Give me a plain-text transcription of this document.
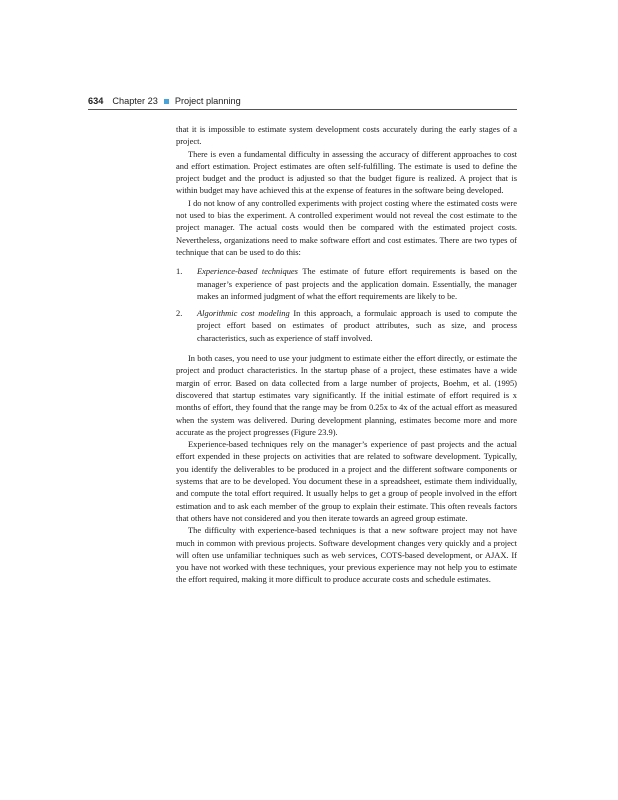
634 Chapter 23 Project planning

that it is impossible to estimate system development costs accurately during the early stages of a project.

There is even a fundamental difficulty in assessing the accuracy of different approaches to cost and effort estimation. Project estimates are often self-fulfilling. The estimate is used to define the project budget and the product is adjusted so that the budget figure is realized. A project that is within budget may have achieved this at the expense of features in the software being developed.

I do not know of any controlled experiments with project costing where the estimated costs were not used to bias the experiment. A controlled experiment would not reveal the cost estimate to the project manager. The actual costs would then be compared with the estimated project costs. Nevertheless, organizations need to make software effort and cost estimates. There are two types of technique that can be used to do this:

1. Experience-based techniques The estimate of future effort requirements is based on the manager’s experience of past projects and the application domain. Essentially, the manager makes an informed judgment of what the effort requirements are likely to be.
2. Algorithmic cost modeling In this approach, a formulaic approach is used to compute the project effort based on estimates of product attributes, such as size, and process characteristics, such as experience of staff involved.

In both cases, you need to use your judgment to estimate either the effort directly, or estimate the project and product characteristics. In the startup phase of a project, these estimates have a wide margin of error. Based on data collected from a large number of projects, Boehm, et al. (1995) discovered that startup estimates vary significantly. If the initial estimate of effort required is x months of effort, they found that the range may be from 0.25x to 4x of the actual effort as measured when the system was delivered. During development planning, estimates become more and more accurate as the project progresses (Figure 23.9).

Experience-based techniques rely on the manager’s experience of past projects and the actual effort expended in these projects on activities that are related to software development. Typically, you identify the deliverables to be produced in a project and the different software components or systems that are to be developed. You document these in a spreadsheet, estimate them individually, and compute the total effort required. It usually helps to get a group of people involved in the effort estimation and to ask each member of the group to explain their estimate. This often reveals factors that others have not considered and you then iterate towards an agreed group estimate.

The difficulty with experience-based techniques is that a new software project may not have much in common with previous projects. Software development changes very quickly and a project will often use unfamiliar techniques such as web services, COTS-based development, or AJAX. If you have not worked with these techniques, your previous experience may not help you to estimate the effort required, making it more difficult to produce accurate costs and schedule estimates.
